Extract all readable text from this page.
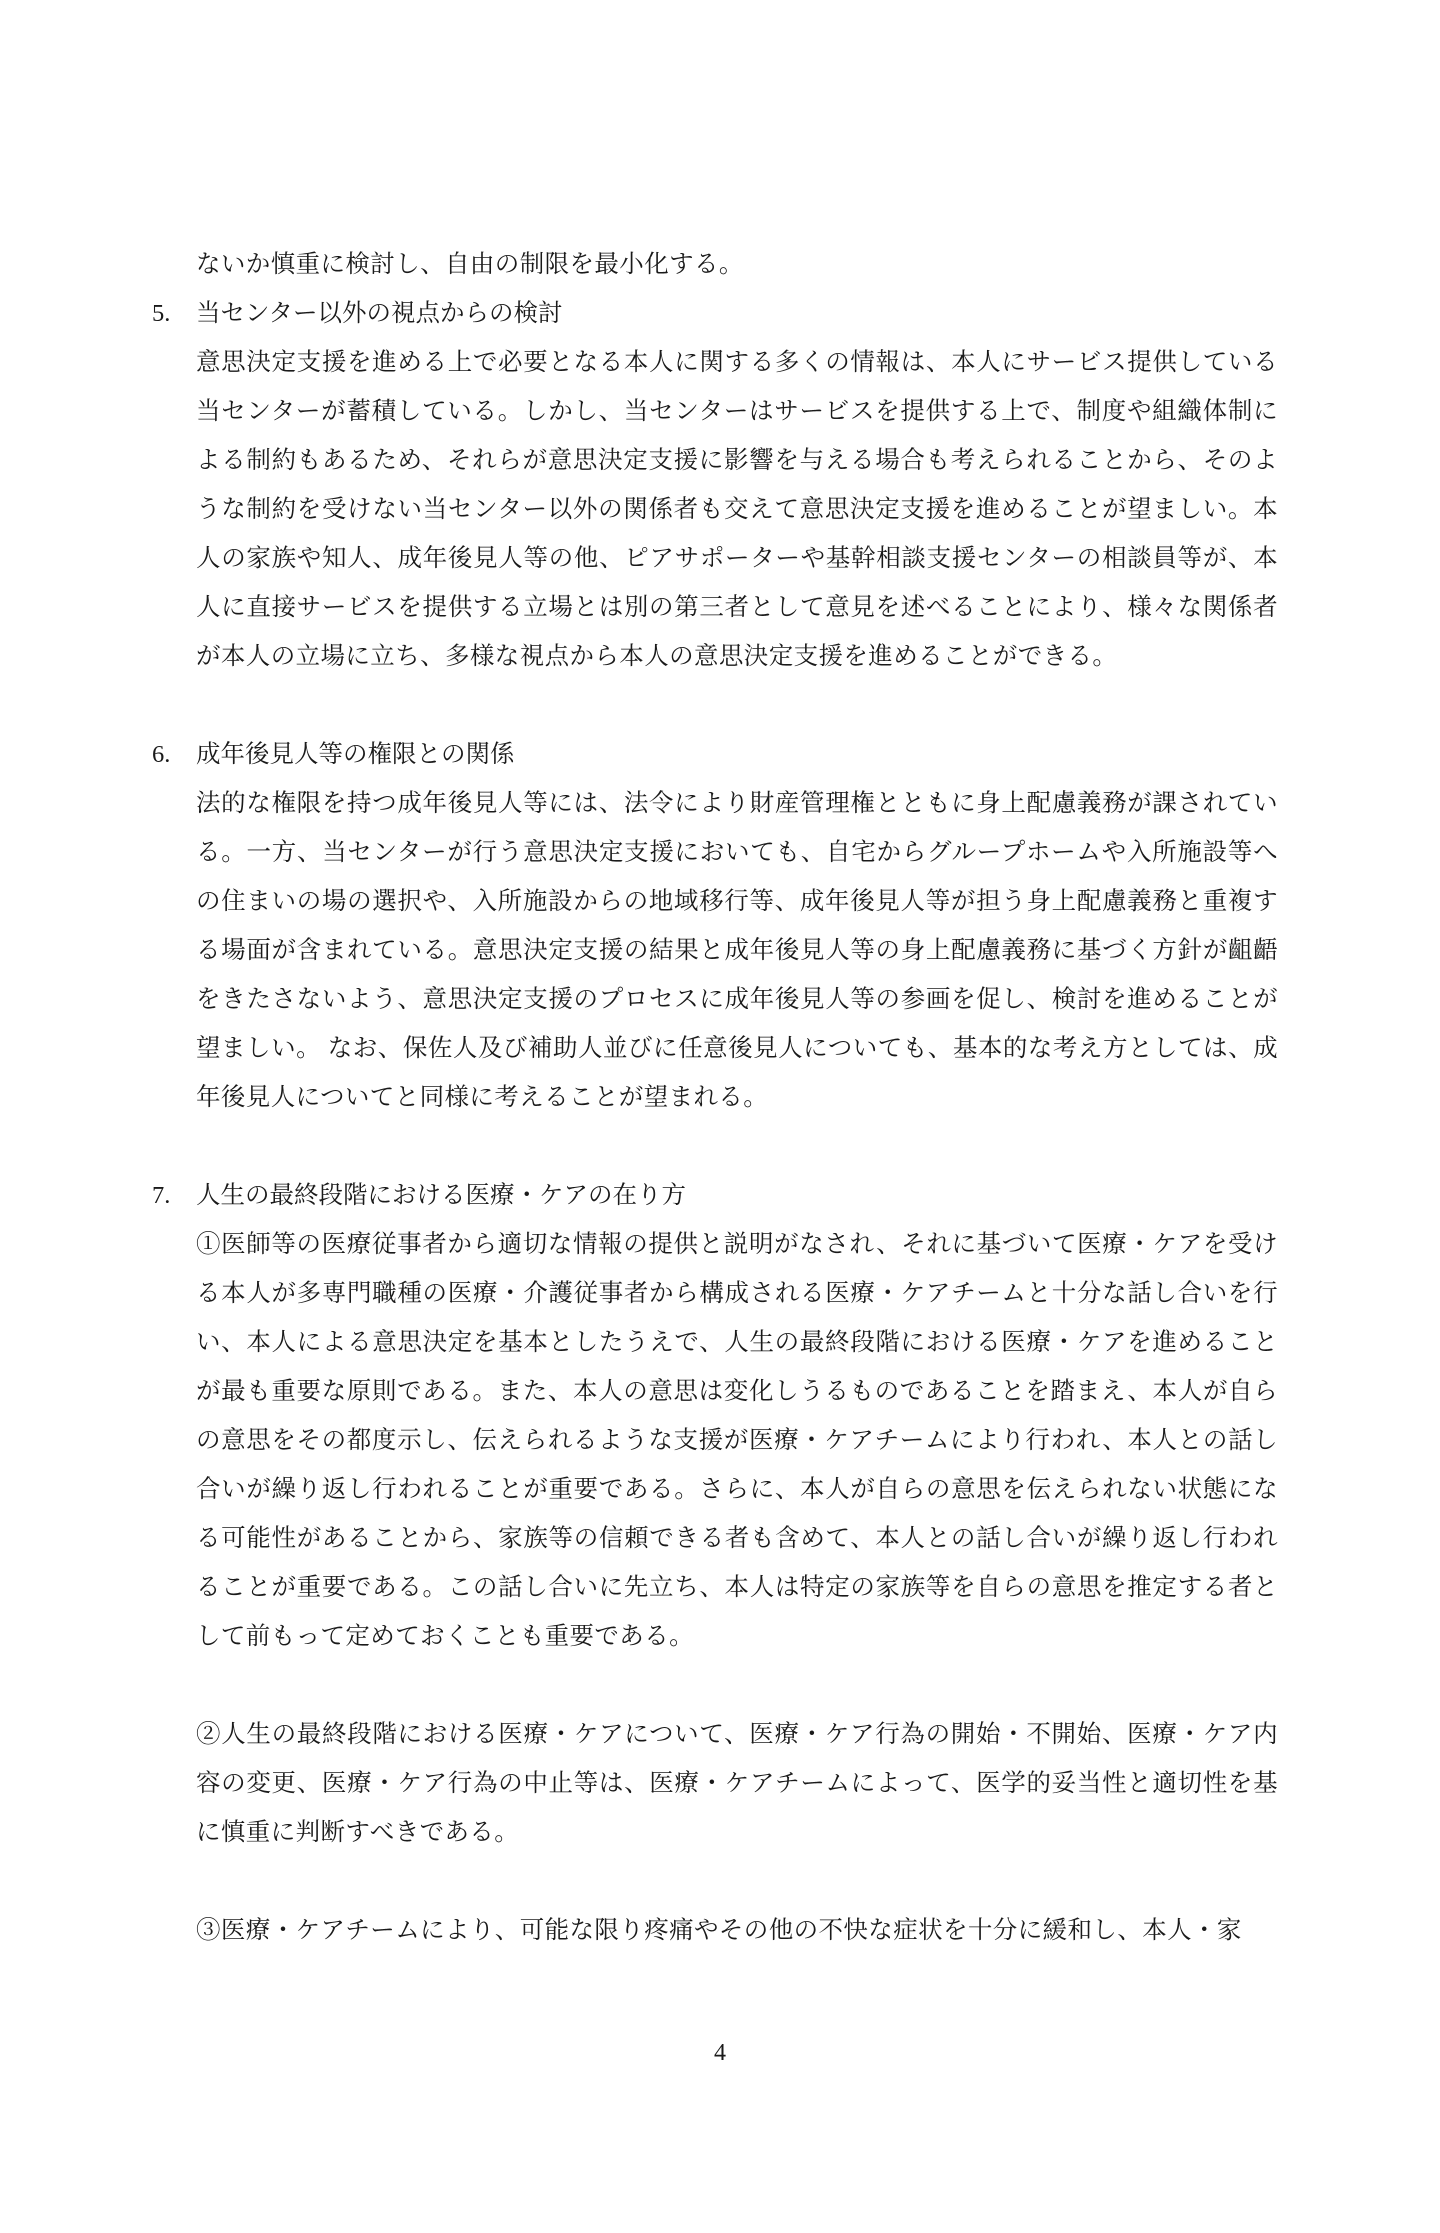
ないか慎重に検討し、自由の制限を最小化する。

5.	当センター以外の視点からの検討

意思決定支援を進める上で必要となる本人に関する多くの情報は、本人にサービス提供している当センターが蓄積している。しかし、当センターはサービスを提供する上で、制度や組織体制による制約もあるため、それらが意思決定支援に影響を与える場合も考えられることから、そのような制約を受けない当センター以外の関係者も交えて意思決定支援を進めることが望ましい。本人の家族や知人、成年後見人等の他、ピアサポーターや基幹相談支援センターの相談員等が、本人に直接サービスを提供する立場とは別の第三者として意見を述べることにより、様々な関係者が本人の立場に立ち、多様な視点から本人の意思決定支援を進めることができる。

6.	成年後見人等の権限との関係

法的な権限を持つ成年後見人等には、法令により財産管理権とともに身上配慮義務が課されている。一方、当センターが行う意思決定支援においても、自宅からグループホームや入所施設等への住まいの場の選択や、入所施設からの地域移行等、成年後見人等が担う身上配慮義務と重複する場面が含まれている。意思決定支援の結果と成年後見人等の身上配慮義務に基づく方針が齟齬をきたさないよう、意思決定支援のプロセスに成年後見人等の参画を促し、検討を進めることが望ましい。 なお、保佐人及び補助人並びに任意後見人についても、基本的な考え方としては、成年後見人についてと同様に考えることが望まれる。

7.	人生の最終段階における医療・ケアの在り方

①医師等の医療従事者から適切な情報の提供と説明がなされ、それに基づいて医療・ケアを受ける本人が多専門職種の医療・介護従事者から構成される医療・ケアチームと十分な話し合いを行い、本人による意思決定を基本としたうえで、人生の最終段階における医療・ケアを進めることが最も重要な原則である。また、本人の意思は変化しうるものであることを踏まえ、本人が自らの意思をその都度示し、伝えられるような支援が医療・ケアチームにより行われ、本人との話し合いが繰り返し行われることが重要である。さらに、本人が自らの意思を伝えられない状態になる可能性があることから、家族等の信頼できる者も含めて、本人との話し合いが繰り返し行われることが重要である。この話し合いに先立ち、本人は特定の家族等を自らの意思を推定する者として前もって定めておくことも重要である。

②人生の最終段階における医療・ケアについて、医療・ケア行為の開始・不開始、医療・ケア内容の変更、医療・ケア行為の中止等は、医療・ケアチームによって、医学的妥当性と適切性を基に慎重に判断すべきである。

③医療・ケアチームにより、可能な限り疼痛やその他の不快な症状を十分に緩和し、本人・家

4
